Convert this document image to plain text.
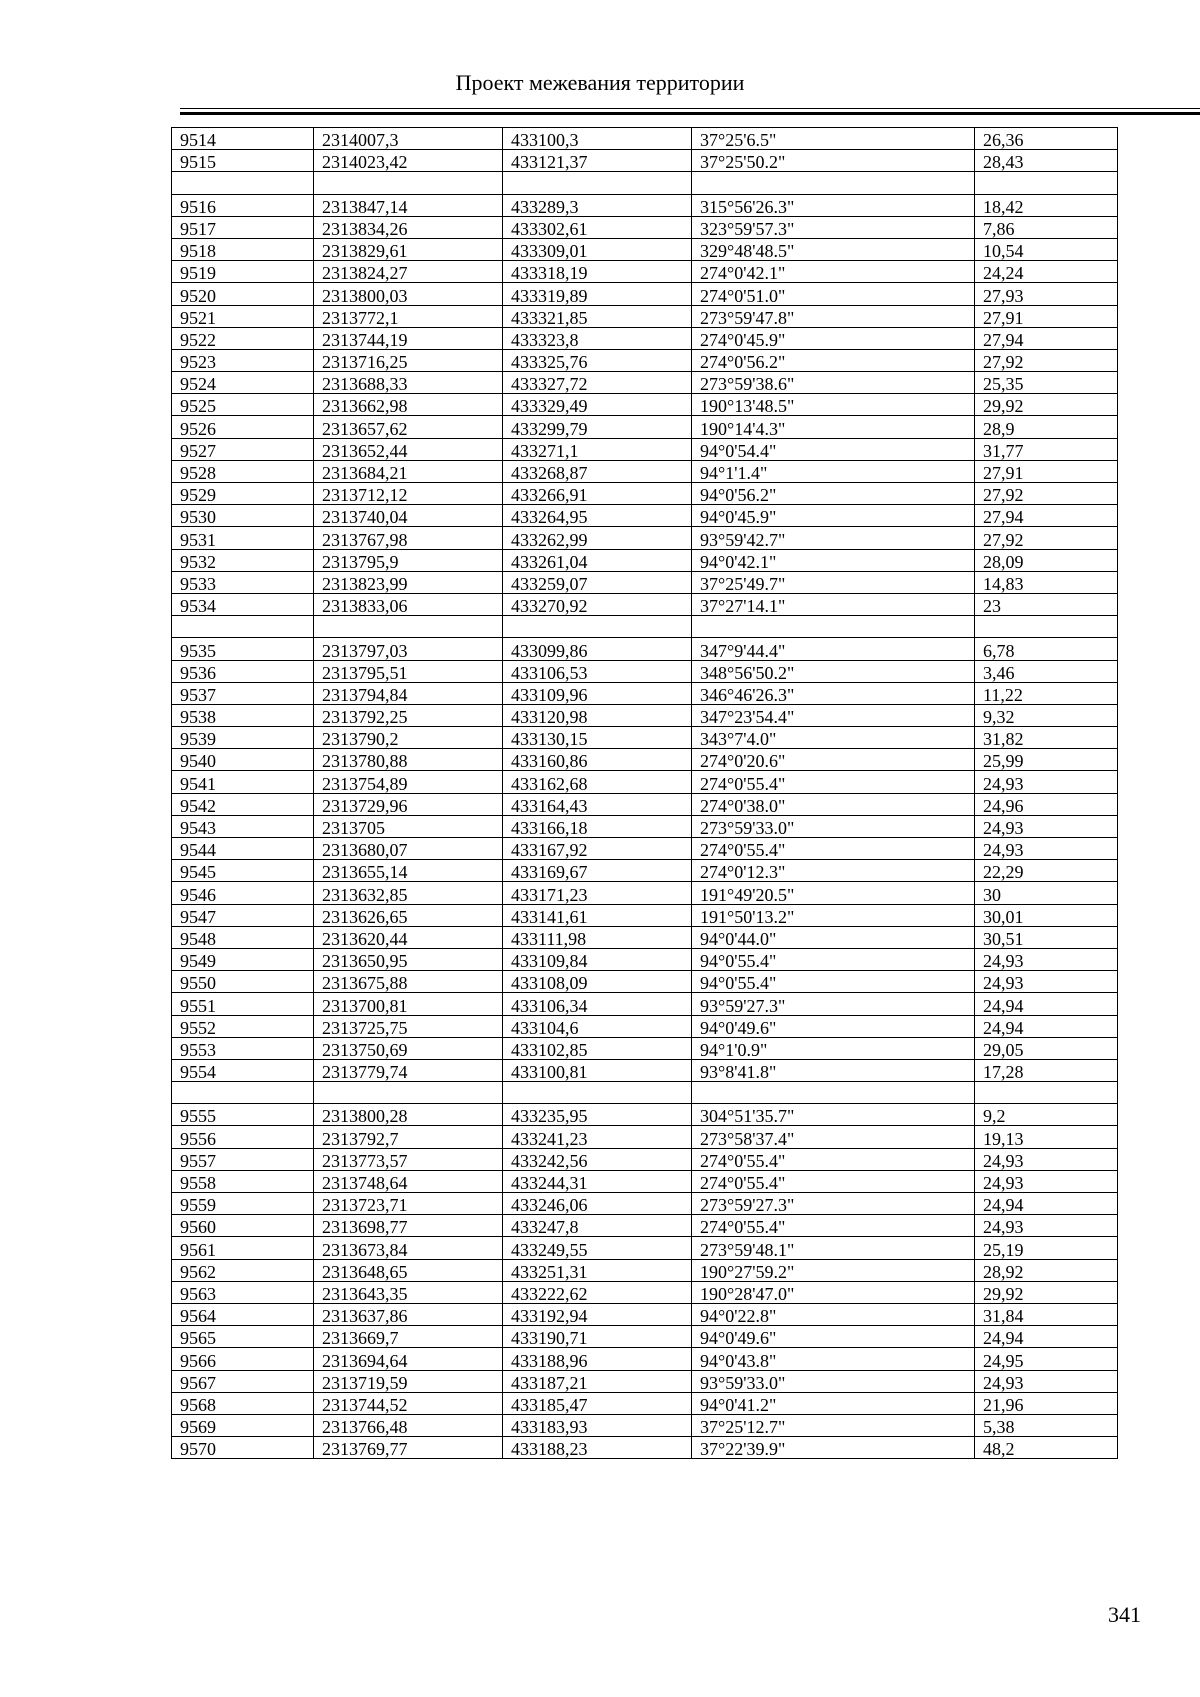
Проект межевания территории
9514	2314007,3	433100,3	37°25'6.5"	26,36
9515	2314023,42	433121,37	37°25'50.2"	28,43

9516	2313847,14	433289,3	315°56'26.3"	18,42
9517	2313834,26	433302,61	323°59'57.3"	7,86
9518	2313829,61	433309,01	329°48'48.5"	10,54
9519	2313824,27	433318,19	274°0'42.1"	24,24
9520	2313800,03	433319,89	274°0'51.0"	27,93
9521	2313772,1	433321,85	273°59'47.8"	27,91
9522	2313744,19	433323,8	274°0'45.9"	27,94
9523	2313716,25	433325,76	274°0'56.2"	27,92
9524	2313688,33	433327,72	273°59'38.6"	25,35
9525	2313662,98	433329,49	190°13'48.5"	29,92
9526	2313657,62	433299,79	190°14'4.3"	28,9
9527	2313652,44	433271,1	94°0'54.4"	31,77
9528	2313684,21	433268,87	94°1'1.4"	27,91
9529	2313712,12	433266,91	94°0'56.2"	27,92
9530	2313740,04	433264,95	94°0'45.9"	27,94
9531	2313767,98	433262,99	93°59'42.7"	27,92
9532	2313795,9	433261,04	94°0'42.1"	28,09
9533	2313823,99	433259,07	37°25'49.7"	14,83
9534	2313833,06	433270,92	37°27'14.1"	23

9535	2313797,03	433099,86	347°9'44.4"	6,78
9536	2313795,51	433106,53	348°56'50.2"	3,46
9537	2313794,84	433109,96	346°46'26.3"	11,22
9538	2313792,25	433120,98	347°23'54.4"	9,32
9539	2313790,2	433130,15	343°7'4.0"	31,82
9540	2313780,88	433160,86	274°0'20.6"	25,99
9541	2313754,89	433162,68	274°0'55.4"	24,93
9542	2313729,96	433164,43	274°0'38.0"	24,96
9543	2313705	433166,18	273°59'33.0"	24,93
9544	2313680,07	433167,92	274°0'55.4"	24,93
9545	2313655,14	433169,67	274°0'12.3"	22,29
9546	2313632,85	433171,23	191°49'20.5"	30
9547	2313626,65	433141,61	191°50'13.2"	30,01
9548	2313620,44	433111,98	94°0'44.0"	30,51
9549	2313650,95	433109,84	94°0'55.4"	24,93
9550	2313675,88	433108,09	94°0'55.4"	24,93
9551	2313700,81	433106,34	93°59'27.3"	24,94
9552	2313725,75	433104,6	94°0'49.6"	24,94
9553	2313750,69	433102,85	94°1'0.9"	29,05
9554	2313779,74	433100,81	93°8'41.8"	17,28

9555	2313800,28	433235,95	304°51'35.7"	9,2
9556	2313792,7	433241,23	273°58'37.4"	19,13
9557	2313773,57	433242,56	274°0'55.4"	24,93
9558	2313748,64	433244,31	274°0'55.4"	24,93
9559	2313723,71	433246,06	273°59'27.3"	24,94
9560	2313698,77	433247,8	274°0'55.4"	24,93
9561	2313673,84	433249,55	273°59'48.1"	25,19
9562	2313648,65	433251,31	190°27'59.2"	28,92
9563	2313643,35	433222,62	190°28'47.0"	29,92
9564	2313637,86	433192,94	94°0'22.8"	31,84
9565	2313669,7	433190,71	94°0'49.6"	24,94
9566	2313694,64	433188,96	94°0'43.8"	24,95
9567	2313719,59	433187,21	93°59'33.0"	24,93
9568	2313744,52	433185,47	94°0'41.2"	21,96
9569	2313766,48	433183,93	37°25'12.7"	5,38
9570	2313769,77	433188,23	37°22'39.9"	48,2
341
